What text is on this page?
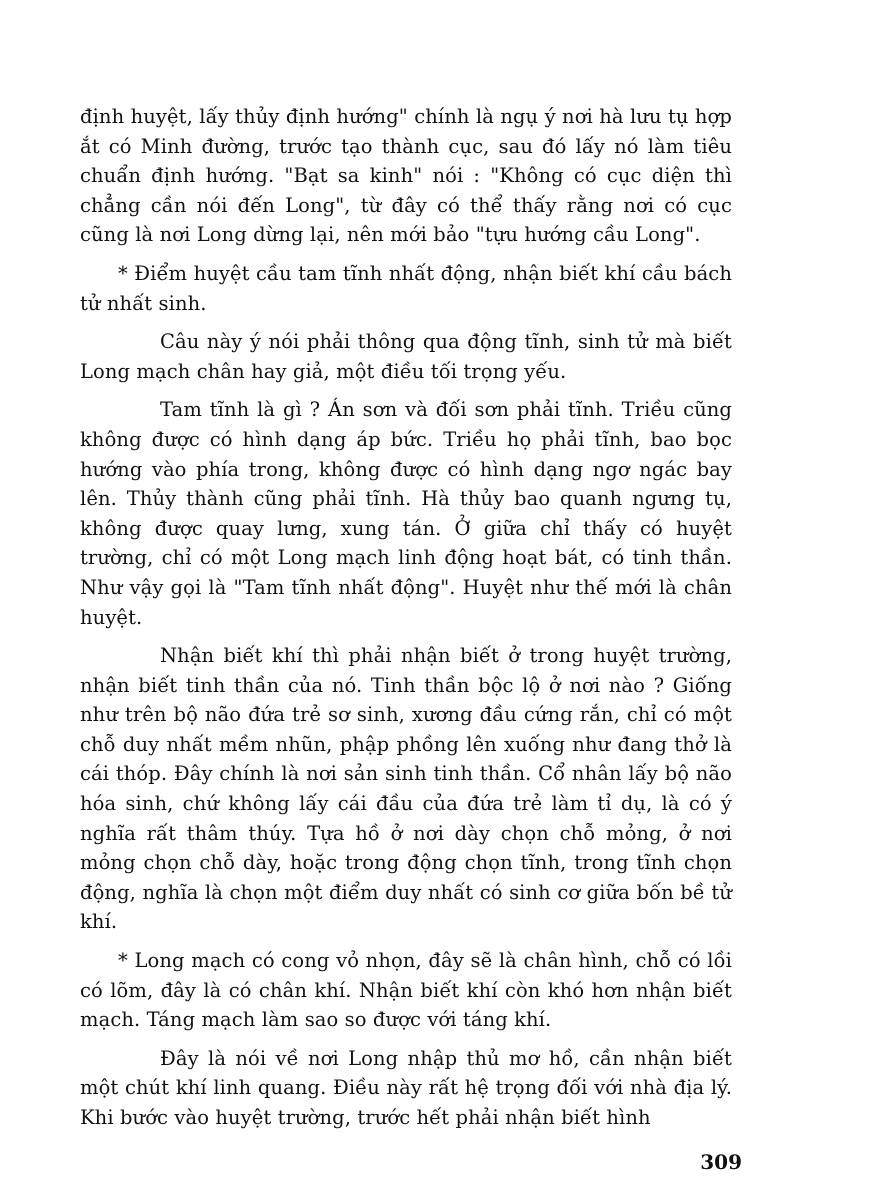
định huyệt, lấy thủy định hướng" chính là ngụ ý nơi hà lưu tụ hợp ắt có Minh đường, trước tạo thành cục, sau đó lấy nó làm tiêu chuẩn định hướng. "Bạt sa kinh" nói : "Không có cục diện thì chẳng cần nói đến Long", từ đây có thể thấy rằng nơi có cục cũng là nơi Long dừng lại, nên mới bảo "tựu hướng cầu Long".

* Điểm huyệt cầu tam tĩnh nhất động, nhận biết khí cầu bách tử nhất sinh.

Câu này ý nói phải thông qua động tĩnh, sinh tử mà biết Long mạch chân hay giả, một điều tối trọng yếu.

Tam tĩnh là gì ? Án sơn và đối sơn phải tĩnh. Triều cũng không được có hình dạng áp bức. Triều họ phải tĩnh, bao bọc hướng vào phía trong, không được có hình dạng ngơ ngác bay lên. Thủy thành cũng phải tĩnh. Hà thủy bao quanh ngưng tụ, không được quay lưng, xung tán. Ở giữa chỉ thấy có huyệt trường, chỉ có một Long mạch linh động hoạt bát, có tinh thần. Như vậy gọi là "Tam tĩnh nhất động". Huyệt như thế mới là chân huyệt.

Nhận biết khí thì phải nhận biết ở trong huyệt trường, nhận biết tinh thần của nó. Tinh thần bộc lộ ở nơi nào ? Giống như trên bộ não đứa trẻ sơ sinh, xương đầu cứng rắn, chỉ có một chỗ duy nhất mềm nhũn, phập phồng lên xuống như đang thở là cái thóp. Đây chính là nơi sản sinh tinh thần. Cổ nhân lấy bộ não hóa sinh, chứ không lấy cái đầu của đứa trẻ làm tỉ dụ, là có ý nghĩa rất thâm thúy. Tựa hồ ở nơi dày chọn chỗ mỏng, ở nơi mỏng chọn chỗ dày, hoặc trong động chọn tĩnh, trong tĩnh chọn động, nghĩa là chọn một điểm duy nhất có sinh cơ giữa bốn bề tử khí.

* Long mạch có cong vỏ nhọn, đây sẽ là chân hình, chỗ có lồi có lõm, đây là có chân khí. Nhận biết khí còn khó hơn nhận biết mạch. Táng mạch làm sao so được với táng khí.

Đây là nói về nơi Long nhập thủ mơ hồ, cần nhận biết một chút khí linh quang. Điều này rất hệ trọng đối với nhà địa lý. Khi bước vào huyệt trường, trước hết phải nhận biết hình

309
